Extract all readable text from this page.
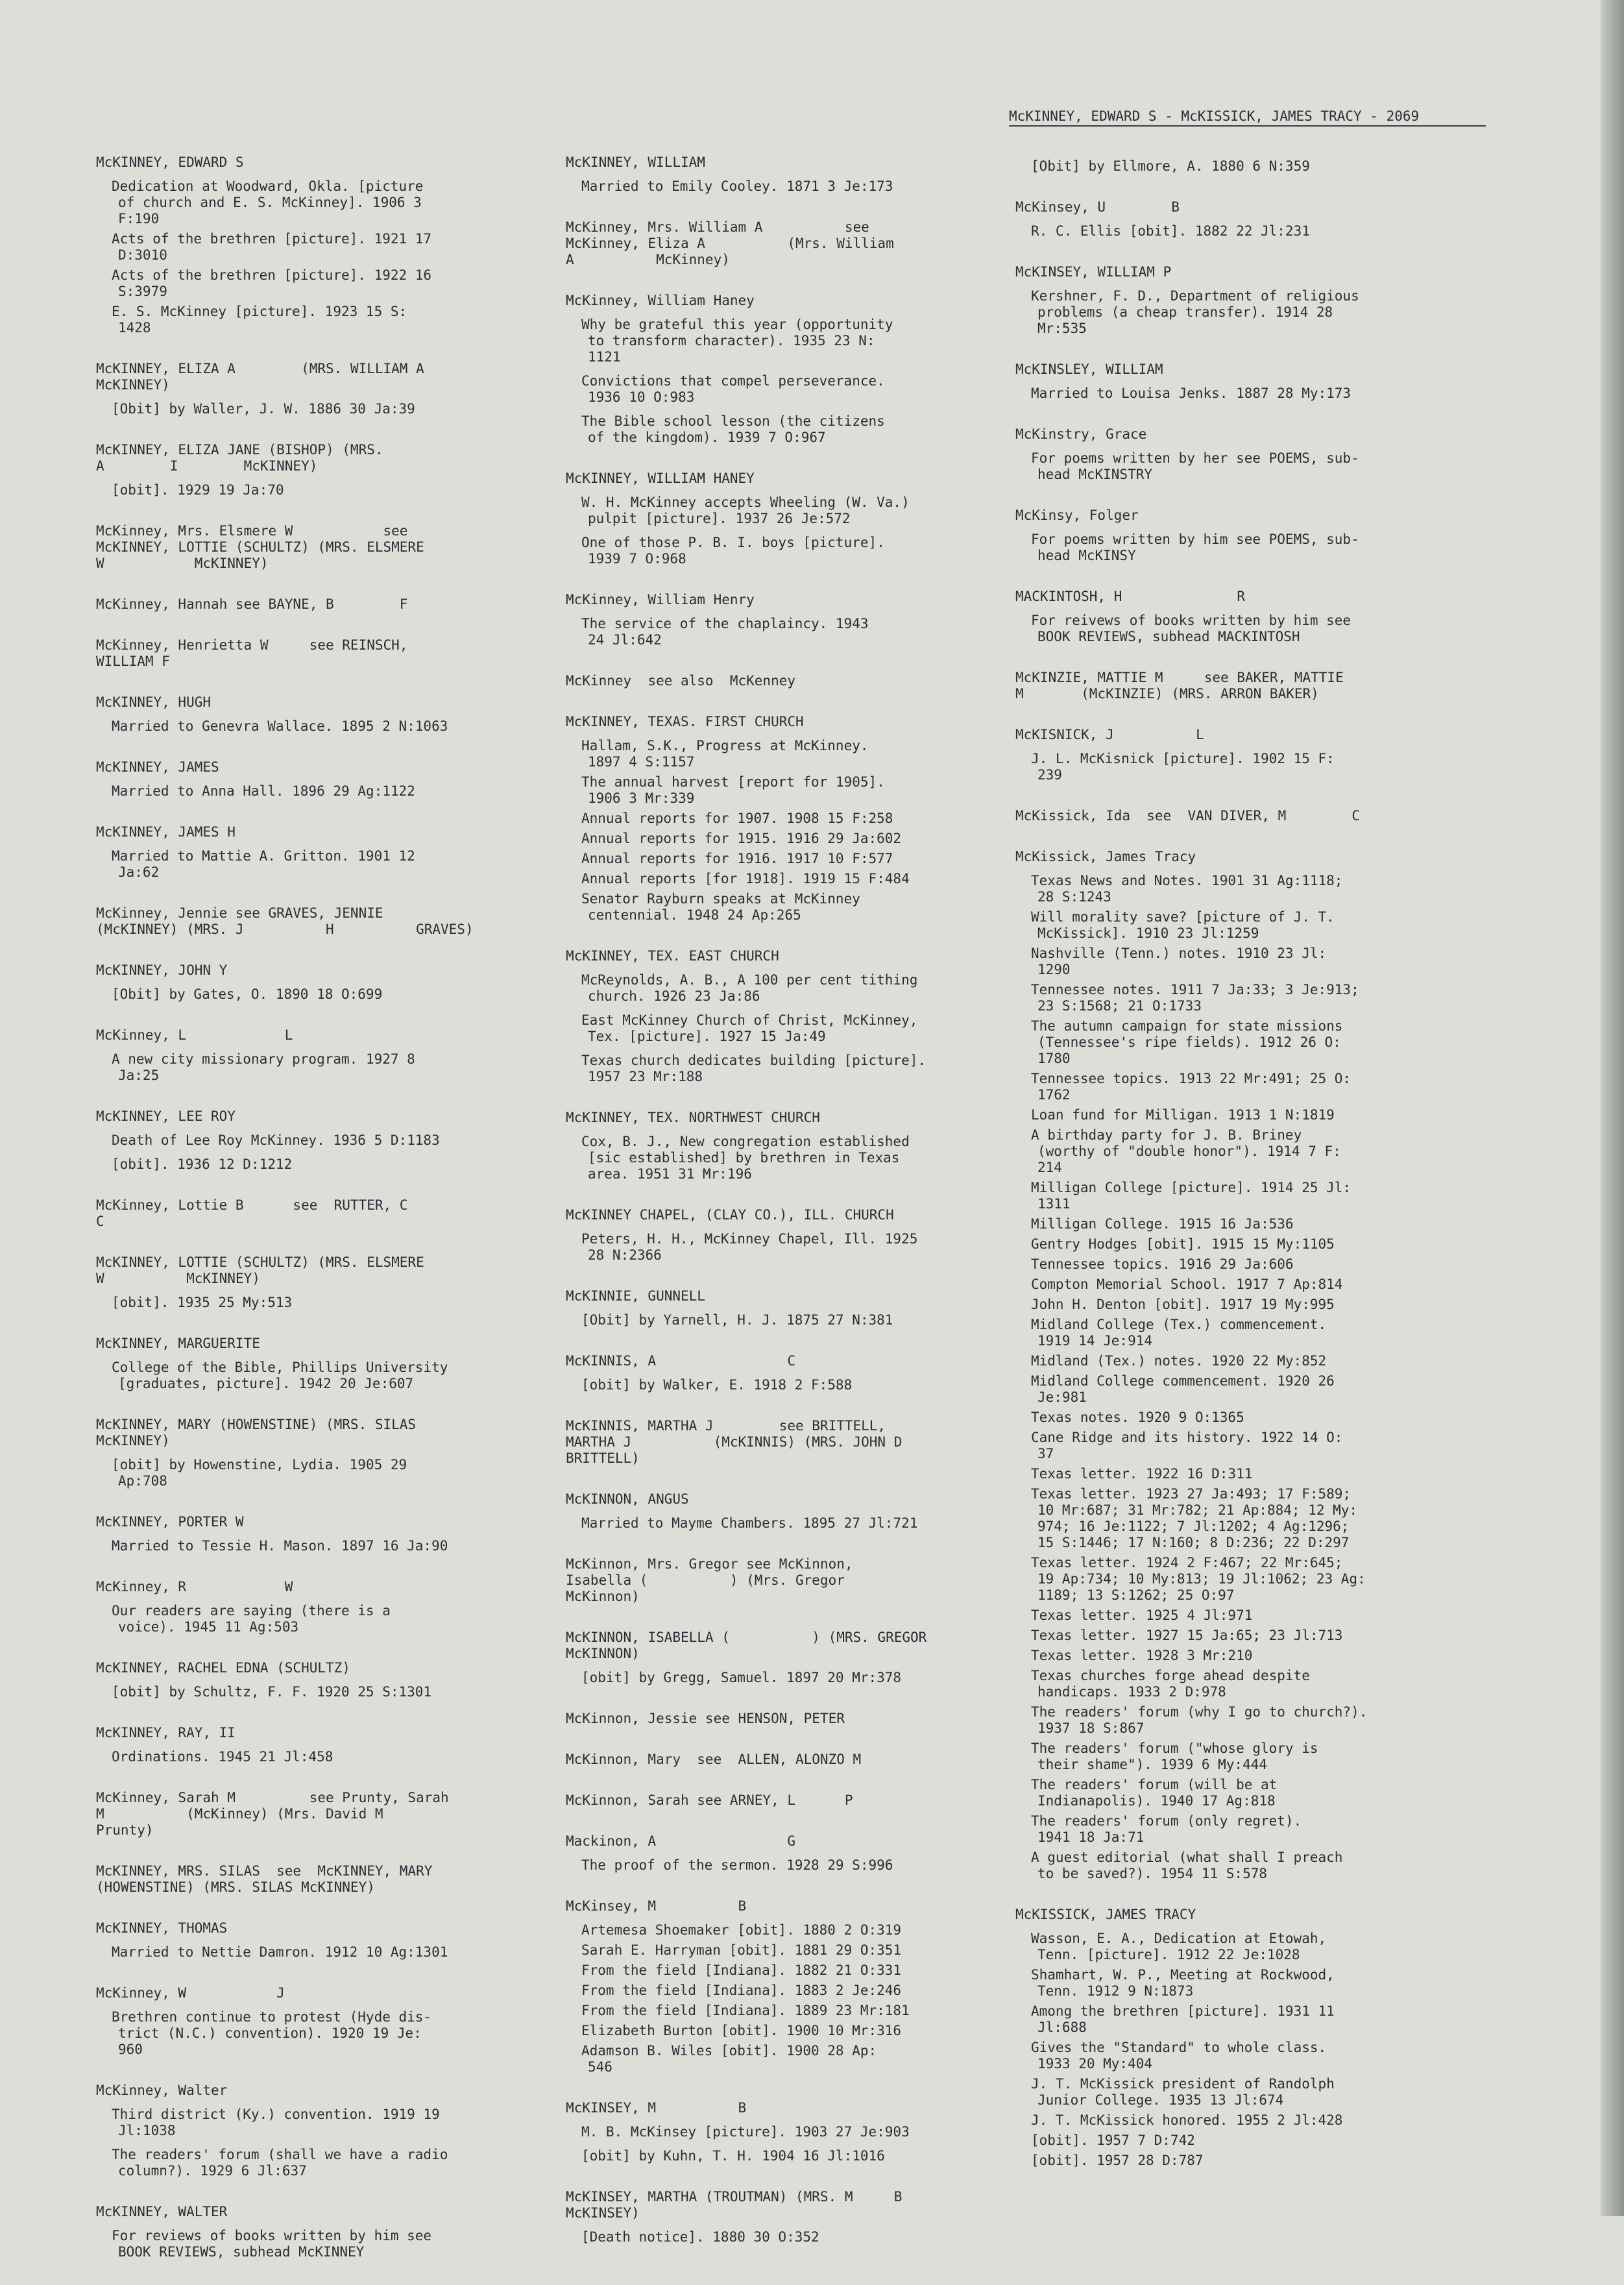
McKINNEY, EDWARD S - McKISSICK, JAMES TRACY - 2069
McKINNEY, EDWARD S
Dedication at Woodward, Okla. [picture
of church and E. S. McKinney]. 1906 3
F:190
Acts of the brethren [picture]. 1921 17
D:3010
Acts of the brethren [picture]. 1922 16
S:3979
E. S. McKinney [picture]. 1923 15 S:
1428
McKINNEY, ELIZA A        (MRS. WILLIAM A
McKINNEY)
[Obit] by Waller, J. W. 1886 30 Ja:39
McKINNEY, ELIZA JANE (BISHOP) (MRS.
A        I        McKINNEY)
[obit]. 1929 19 Ja:70
McKinney, Mrs. Elsmere W           see
McKINNEY, LOTTIE (SCHULTZ) (MRS. ELSMERE
W           McKINNEY)
McKinney, Hannah see BAYNE, B        F
McKinney, Henrietta W     see REINSCH,
WILLIAM F
McKINNEY, HUGH
Married to Genevra Wallace. 1895 2 N:1063
McKINNEY, JAMES
Married to Anna Hall. 1896 29 Ag:1122
McKINNEY, JAMES H
Married to Mattie A. Gritton. 1901 12
Ja:62
McKinney, Jennie see GRAVES, JENNIE
(McKINNEY) (MRS. J          H          GRAVES)
McKINNEY, JOHN Y
[Obit] by Gates, O. 1890 18 O:699
McKinney, L            L
A new city missionary program. 1927 8
Ja:25
McKINNEY, LEE ROY
Death of Lee Roy McKinney. 1936 5 D:1183
[obit]. 1936 12 D:1212
McKinney, Lottie B      see  RUTTER, C
C
McKINNEY, LOTTIE (SCHULTZ) (MRS. ELSMERE
W          McKINNEY)
[obit]. 1935 25 My:513
McKINNEY, MARGUERITE
College of the Bible, Phillips University
[graduates, picture]. 1942 20 Je:607
McKINNEY, MARY (HOWENSTINE) (MRS. SILAS
McKINNEY)
[obit] by Howenstine, Lydia. 1905 29
Ap:708
McKINNEY, PORTER W
Married to Tessie H. Mason. 1897 16 Ja:90
McKinney, R            W
Our readers are saying (there is a
voice). 1945 11 Ag:503
McKINNEY, RACHEL EDNA (SCHULTZ)
[obit] by Schultz, F. F. 1920 25 S:1301
McKINNEY, RAY, II
Ordinations. 1945 21 Jl:458
McKinney, Sarah M         see Prunty, Sarah
M          (McKinney) (Mrs. David M
Prunty)
McKINNEY, MRS. SILAS  see  McKINNEY, MARY
(HOWENSTINE) (MRS. SILAS McKINNEY)
McKINNEY, THOMAS
Married to Nettie Damron. 1912 10 Ag:1301
McKinney, W           J
Brethren continue to protest (Hyde dis-
trict (N.C.) convention). 1920 19 Je:
960
McKinney, Walter
Third district (Ky.) convention. 1919 19
Jl:1038
The readers' forum (shall we have a radio
column?). 1929 6 Jl:637
McKINNEY, WALTER
For reviews of books written by him see
BOOK REVIEWS, subhead McKINNEY
McKINNEY, WILLIAM
Married to Emily Cooley. 1871 3 Je:173
McKinney, Mrs. William A          see
McKinney, Eliza A          (Mrs. William
A          McKinney)
McKinney, William Haney
Why be grateful this year (opportunity
to transform character). 1935 23 N:
1121
Convictions that compel perseverance.
1936 10 O:983
The Bible school lesson (the citizens
of the kingdom). 1939 7 O:967
McKINNEY, WILLIAM HANEY
W. H. McKinney accepts Wheeling (W. Va.)
pulpit [picture]. 1937 26 Je:572
One of those P. B. I. boys [picture].
1939 7 O:968
McKinney, William Henry
The service of the chaplaincy. 1943
24 Jl:642
McKinney  see also  McKenney
McKINNEY, TEXAS. FIRST CHURCH
Hallam, S.K., Progress at McKinney.
1897 4 S:1157
The annual harvest [report for 1905].
1906 3 Mr:339
Annual reports for 1907. 1908 15 F:258
Annual reports for 1915. 1916 29 Ja:602
Annual reports for 1916. 1917 10 F:577
Annual reports [for 1918]. 1919 15 F:484
Senator Rayburn speaks at McKinney
centennial. 1948 24 Ap:265
McKINNEY, TEX. EAST CHURCH
McReynolds, A. B., A 100 per cent tithing
church. 1926 23 Ja:86
East McKinney Church of Christ, McKinney,
Tex. [picture]. 1927 15 Ja:49
Texas church dedicates building [picture].
1957 23 Mr:188
McKINNEY, TEX. NORTHWEST CHURCH
Cox, B. J., New congregation established
[sic established] by brethren in Texas
area. 1951 31 Mr:196
McKINNEY CHAPEL, (CLAY CO.), ILL. CHURCH
Peters, H. H., McKinney Chapel, Ill. 1925
28 N:2366
McKINNIE, GUNNELL
[Obit] by Yarnell, H. J. 1875 27 N:381
McKINNIS, A                C
[obit] by Walker, E. 1918 2 F:588
McKINNIS, MARTHA J        see BRITTELL,
MARTHA J          (McKINNIS) (MRS. JOHN D
BRITTELL)
McKINNON, ANGUS
Married to Mayme Chambers. 1895 27 Jl:721
McKinnon, Mrs. Gregor see McKinnon,
Isabella (          ) (Mrs. Gregor
McKinnon)
McKINNON, ISABELLA (          ) (MRS. GREGOR
McKINNON)
[obit] by Gregg, Samuel. 1897 20 Mr:378
McKinnon, Jessie see HENSON, PETER
McKinnon, Mary  see  ALLEN, ALONZO M
McKinnon, Sarah see ARNEY, L      P
Mackinon, A                G
The proof of the sermon. 1928 29 S:996
McKinsey, M          B
Artemesa Shoemaker [obit]. 1880 2 O:319
Sarah E. Harryman [obit]. 1881 29 O:351
From the field [Indiana]. 1882 21 O:331
From the field [Indiana]. 1883 2 Je:246
From the field [Indiana]. 1889 23 Mr:181
Elizabeth Burton [obit]. 1900 10 Mr:316
Adamson B. Wiles [obit]. 1900 28 Ap:
546
McKINSEY, M          B
M. B. McKinsey [picture]. 1903 27 Je:903
[obit] by Kuhn, T. H. 1904 16 Jl:1016
McKINSEY, MARTHA (TROUTMAN) (MRS. M     B
McKINSEY)
[Death notice]. 1880 30 O:352
[Obit] by Ellmore, A. 1880 6 N:359
McKinsey, U        B
R. C. Ellis [obit]. 1882 22 Jl:231
McKINSEY, WILLIAM P
Kershner, F. D., Department of religious
problems (a cheap transfer). 1914 28
Mr:535
McKINSLEY, WILLIAM
Married to Louisa Jenks. 1887 28 My:173
McKinstry, Grace
For poems written by her see POEMS, sub-
head McKINSTRY
McKinsy, Folger
For poems written by him see POEMS, sub-
head McKINSY
MACKINTOSH, H              R
For reivews of books written by him see
BOOK REVIEWS, subhead MACKINTOSH
McKINZIE, MATTIE M     see BAKER, MATTIE
M       (McKINZIE) (MRS. ARRON BAKER)
McKISNICK, J          L
J. L. McKisnick [picture]. 1902 15 F:
239
McKissick, Ida  see  VAN DIVER, M        C
McKissick, James Tracy
Texas News and Notes. 1901 31 Ag:1118;
28 S:1243
Will morality save? [picture of J. T.
McKissick]. 1910 23 Jl:1259
Nashville (Tenn.) notes. 1910 23 Jl:
1290
Tennessee notes. 1911 7 Ja:33; 3 Je:913;
23 S:1568; 21 O:1733
The autumn campaign for state missions
(Tennessee's ripe fields). 1912 26 O:
1780
Tennessee topics. 1913 22 Mr:491; 25 O:
1762
Loan fund for Milligan. 1913 1 N:1819
A birthday party for J. B. Briney
(worthy of "double honor"). 1914 7 F:
214
Milligan College [picture]. 1914 25 Jl:
1311
Milligan College. 1915 16 Ja:536
Gentry Hodges [obit]. 1915 15 My:1105
Tennessee topics. 1916 29 Ja:606
Compton Memorial School. 1917 7 Ap:814
John H. Denton [obit]. 1917 19 My:995
Midland College (Tex.) commencement.
1919 14 Je:914
Midland (Tex.) notes. 1920 22 My:852
Midland College commencement. 1920 26
Je:981
Texas notes. 1920 9 O:1365
Cane Ridge and its history. 1922 14 O:
37
Texas letter. 1922 16 D:311
Texas letter. 1923 27 Ja:493; 17 F:589;
10 Mr:687; 31 Mr:782; 21 Ap:884; 12 My:
974; 16 Je:1122; 7 Jl:1202; 4 Ag:1296;
15 S:1446; 17 N:160; 8 D:236; 22 D:297
Texas letter. 1924 2 F:467; 22 Mr:645;
19 Ap:734; 10 My:813; 19 Jl:1062; 23 Ag:
1189; 13 S:1262; 25 O:97
Texas letter. 1925 4 Jl:971
Texas letter. 1927 15 Ja:65; 23 Jl:713
Texas letter. 1928 3 Mr:210
Texas churches forge ahead despite
handicaps. 1933 2 D:978
The readers' forum (why I go to church?).
1937 18 S:867
The readers' forum ("whose glory is
their shame"). 1939 6 My:444
The readers' forum (will be at
Indianapolis). 1940 17 Ag:818
The readers' forum (only regret).
1941 18 Ja:71
A guest editorial (what shall I preach
to be saved?). 1954 11 S:578
McKISSICK, JAMES TRACY
Wasson, E. A., Dedication at Etowah,
Tenn. [picture]. 1912 22 Je:1028
Shamhart, W. P., Meeting at Rockwood,
Tenn. 1912 9 N:1873
Among the brethren [picture]. 1931 11
Jl:688
Gives the "Standard" to whole class.
1933 20 My:404
J. T. McKissick president of Randolph
Junior College. 1935 13 Jl:674
J. T. McKissick honored. 1955 2 Jl:428
[obit]. 1957 7 D:742
[obit]. 1957 28 D:787
